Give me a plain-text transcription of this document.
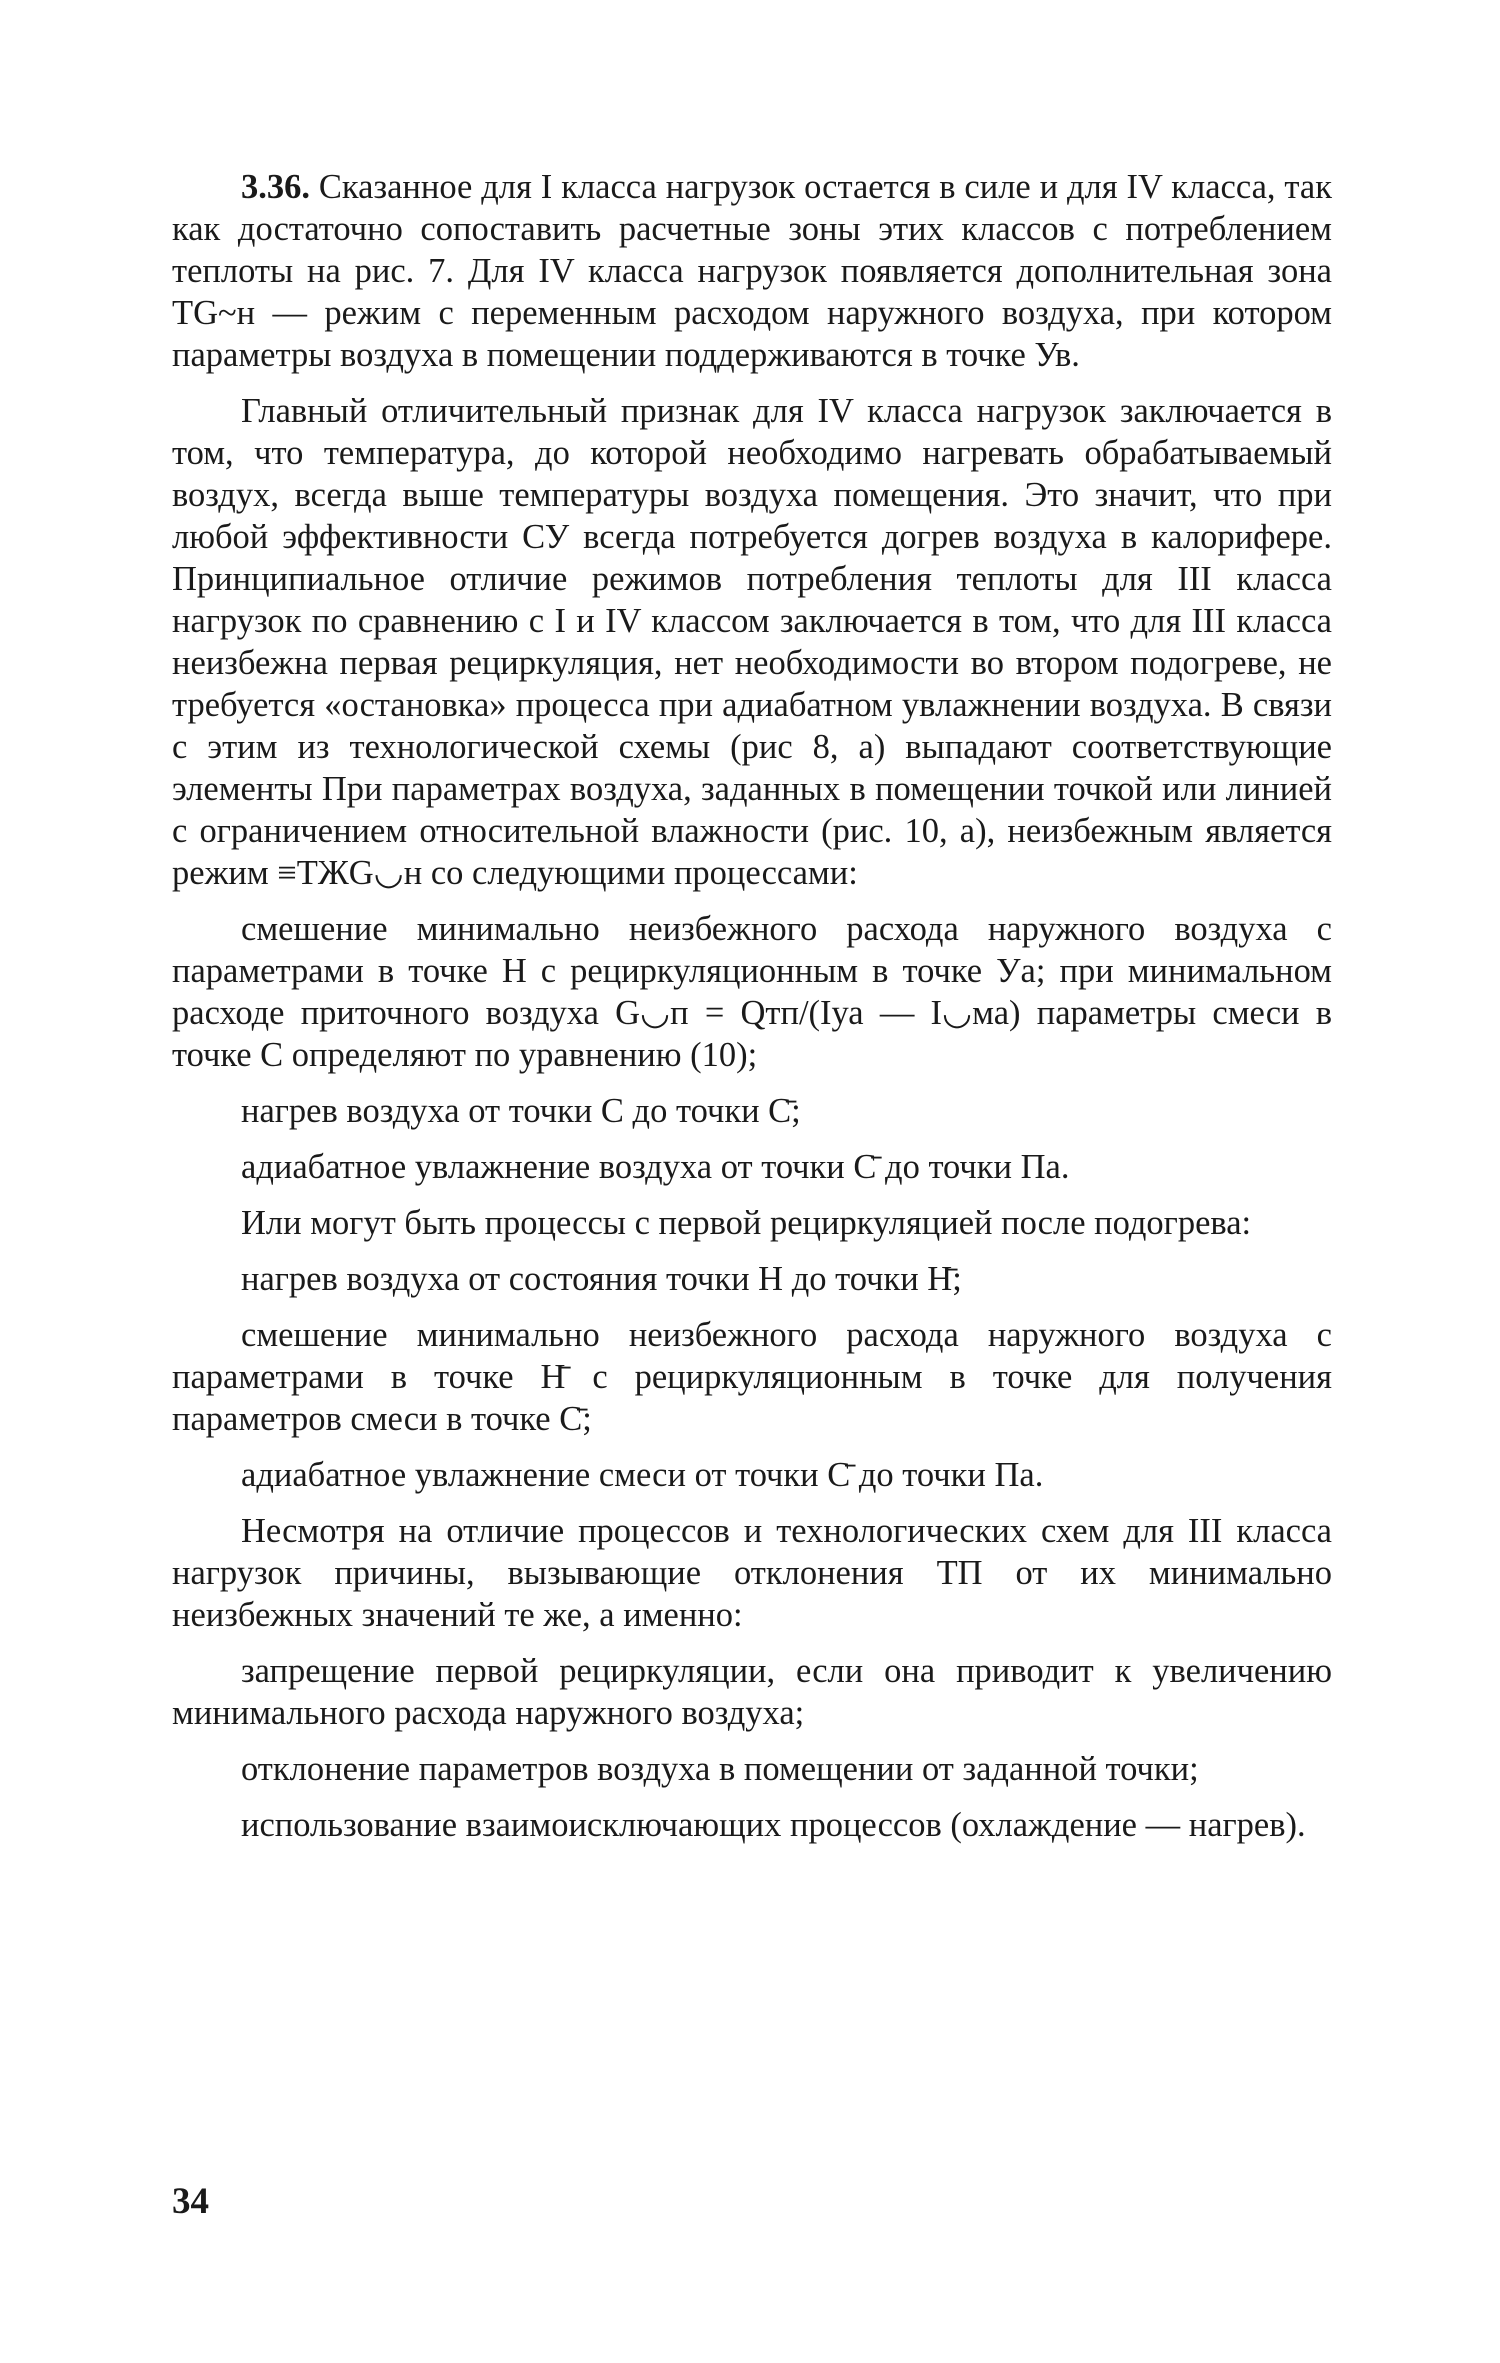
3.36. Сказанное для I класса нагрузок остается в силе и для IV класса, так как достаточно сопоставить расчетные зоны этих классов с потреблением теплоты на рис. 7. Для IV класса нагрузок появляется дополнительная зона ТG~н — режим с переменным расходом наружного воздуха, при котором параметры воздуха в помещении поддерживаются в точке Ув.

Главный отличительный признак для IV класса нагрузок заключается в том, что температура, до которой необходимо нагревать обрабатываемый воздух, всегда выше температуры воздуха помещения. Это значит, что при любой эффективности СУ всегда потребуется догрев воздуха в калорифере. Принципиальное отличие режимов потребления теплоты для III класса нагрузок по сравнению с I и IV классом заключается в том, что для III класса неизбежна первая рециркуляция, нет необходимости во втором подогреве, не требуется «остановка» процесса при адиабатном увлажнении воздуха. В связи с этим из технологической схемы (рис 8, а) выпадают соответствующие элементы При параметрах воздуха, заданных в помещении точкой или линией с ограничением относительной влажности (рис. 10, а), неизбежным является режим ≡ТЖG◡н со следующими процессами:

смешение минимально неизбежного расхода наружного воздуха с параметрами в точке Н с рециркуляционным в точке Уа; при минимальном расходе приточного воздуха G◡п = Qтп/(Iуа — I◡ма) параметры смеси в точке С определяют по уравнению (10);

нагрев воздуха от точки С до точки С̄;

адиабатное увлажнение воздуха от точки С̄ до точки Па.

Или могут быть процессы с первой рециркуляцией после подогрева:

нагрев воздуха от состояния точки Н до точки Н̄;

смешение минимально неизбежного расхода наружного воздуха с параметрами в точке Н̄ с рециркуляционным в точке для получения параметров смеси в точке С̄;

адиабатное увлажнение смеси от точки С̄ до точки Па.

Несмотря на отличие процессов и технологических схем для III класса нагрузок причины, вызывающие отклонения ТП от их минимально неизбежных значений те же, а именно:

запрещение первой рециркуляции, если она приводит к увеличению минимального расхода наружного воздуха;

отклонение параметров воздуха в помещении от заданной точки;

использование взаимоисключающих процессов (охлаждение — нагрев).

34
